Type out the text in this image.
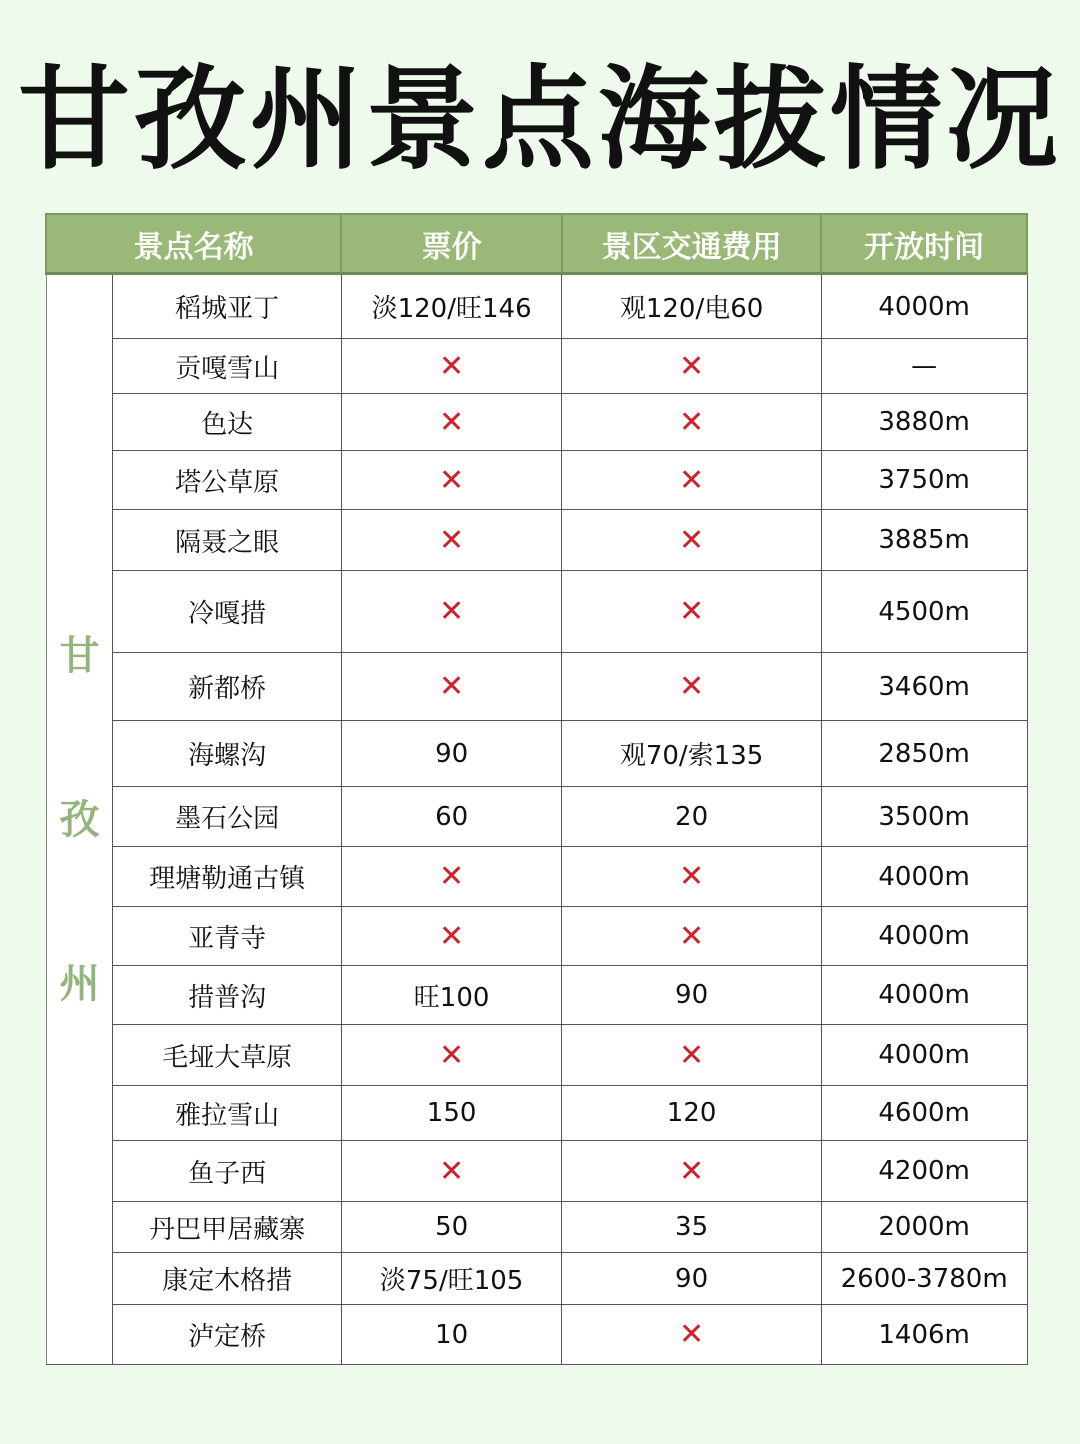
甘孜州景点海拔情况
景点名称		票价	景区交通费用	开放时间

甘
孜
州	稻城亚丁	淡120/旺146	观120/电60	4000m
	贡嘎雪山	✕	✕	—
	色达	✕	✕	3880m
	塔公草原	✕	✕	3750m
	隔聂之眼	✕	✕	3885m
	冷嘎措	✕	✕	4500m
	新都桥	✕	✕	3460m
	海螺沟	90	观70/索135	2850m
	墨石公园	60	20	3500m
	理塘勒通古镇	✕	✕	4000m
	亚青寺	✕	✕	4000m
	措普沟	旺100	90	4000m
	毛垭大草原	✕	✕	4000m
	雅拉雪山	150	120	4600m
	鱼子西	✕	✕	4200m
	丹巴甲居藏寨	50	35	2000m
	康定木格措	淡75/旺105	90	2600-3780m
	泸定桥	10	✕	1406m
